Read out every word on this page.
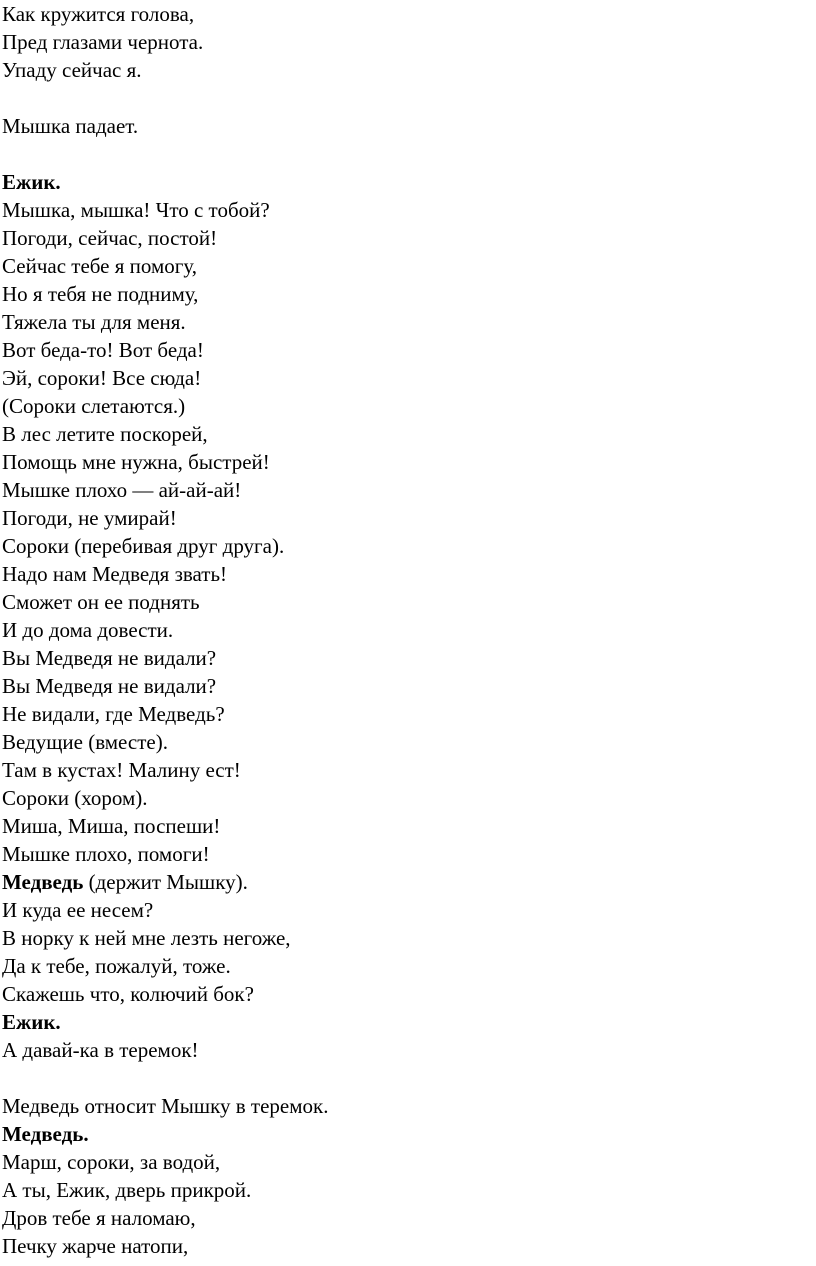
Как кружится голова,
Пред глазами чернота.
Упаду сейчас я.
Мышка падает.
Ежик.
Мышка, мышка! Что с тобой?
Погоди, сейчас, постой!
Сейчас тебе я помогу,
Но я тебя не подниму,
Тяжела ты для меня.
Вот беда-то! Вот беда!
Эй, сороки! Все сюда!
(Сороки слетаются.)
В лес летите поскорей,
Помощь мне нужна, быстрей!
Мышке плохо — ай-ай-ай!
Погоди, не умирай!
Сороки (перебивая друг друга).
Надо нам Медведя звать!
Сможет он ее поднять
И до дома довести.
Вы Медведя не видали?
Вы Медведя не видали?
Не видали, где Медведь?
Ведущие (вместе).
Там в кустах! Малину ест!
Сороки (хором).
Миша, Миша, поспеши!
Мышке плохо, помоги!
Медведь (держит Мышку).
И куда ее несем?
В норку к ней мне лезть негоже,
Да к тебе, пожалуй, тоже.
Скажешь что, колючий бок?
Ежик.
А давай-ка в теремок!
Медведь относит Мышку в теремок.
Медведь.
Марш, сороки, за водой,
А ты, Ежик, дверь прикрой.
Дров тебе я наломаю,
Печку жарче натопи,
